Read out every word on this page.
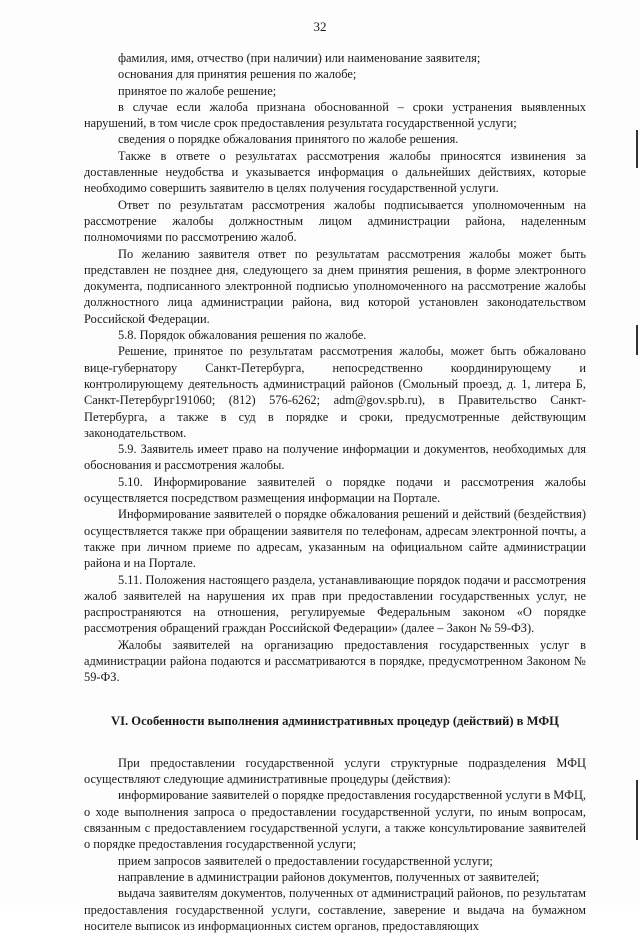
32

фамилия, имя, отчество (при наличии) или наименование заявителя;

основания для принятия решения по жалобе;

принятое по жалобе решение;

в случае если жалоба признана обоснованной – сроки устранения выявленных нарушений, в том числе срок предоставления результата государственной услуги;

сведения о порядке обжалования принятого по жалобе решения.

Также в ответе о результатах рассмотрения жалобы приносятся извинения за доставленные неудобства и указывается информация о дальнейших действиях, которые необходимо совершить заявителю в целях получения государственной услуги.

Ответ по результатам рассмотрения жалобы подписывается уполномоченным на рассмотрение жалобы должностным лицом администрации района, наделенным полномочиями по рассмотрению жалоб.

По желанию заявителя ответ по результатам рассмотрения жалобы может быть представлен не позднее дня, следующего за днем принятия решения, в форме электронного документа, подписанного электронной подписью уполномоченного на рассмотрение жалобы должностного лица администрации района, вид которой установлен законодательством Российской Федерации.

5.8. Порядок обжалования решения по жалобе.

Решение, принятое по результатам рассмотрения жалобы, может быть обжаловано вице-губернатору Санкт-Петербурга, непосредственно координирующему и контролирующему деятельность администраций районов (Смольный проезд, д. 1, литера Б, Санкт-Петербург191060; (812) 576-6262; adm@gov.spb.ru), в Правительство Санкт-Петербурга, а также в суд в порядке и сроки, предусмотренные действующим законодательством.

5.9. Заявитель имеет право на получение информации и документов, необходимых для обоснования и рассмотрения жалобы.

5.10. Информирование заявителей о порядке подачи и рассмотрения жалобы осуществляется посредством размещения информации на Портале.

Информирование заявителей о порядке обжалования решений и действий (бездействия) осуществляется также при обращении заявителя по телефонам, адресам электронной почты, а также при личном приеме по адресам, указанным на официальном сайте администрации района и на Портале.

5.11. Положения настоящего раздела, устанавливающие порядок подачи и рассмотрения жалоб заявителей на нарушения их прав при предоставлении государственных услуг, не распространяются на отношения, регулируемые Федеральным законом «О порядке рассмотрения обращений граждан Российской Федерации» (далее – Закон № 59-ФЗ).

Жалобы заявителей на организацию предоставления государственных услуг в администрации района подаются и рассматриваются в порядке, предусмотренном Законом № 59-ФЗ.

VI. Особенности выполнения административных процедур (действий) в МФЦ

При предоставлении государственной услуги структурные подразделения МФЦ осуществляют следующие административные процедуры (действия):

информирование заявителей о порядке предоставления государственной услуги в МФЦ, о ходе выполнения запроса о предоставлении государственной услуги, по иным вопросам, связанным с предоставлением государственной услуги, а также консультирование заявителей о порядке предоставления государственной услуги;

прием запросов заявителей о предоставлении государственной услуги;

направление в администрации районов документов, полученных от заявителей;

выдача заявителям документов, полученных от администраций районов, по результатам предоставления государственной услуги, составление, заверение и выдача на бумажном носителе выписок из информационных систем органов, предоставляющих
